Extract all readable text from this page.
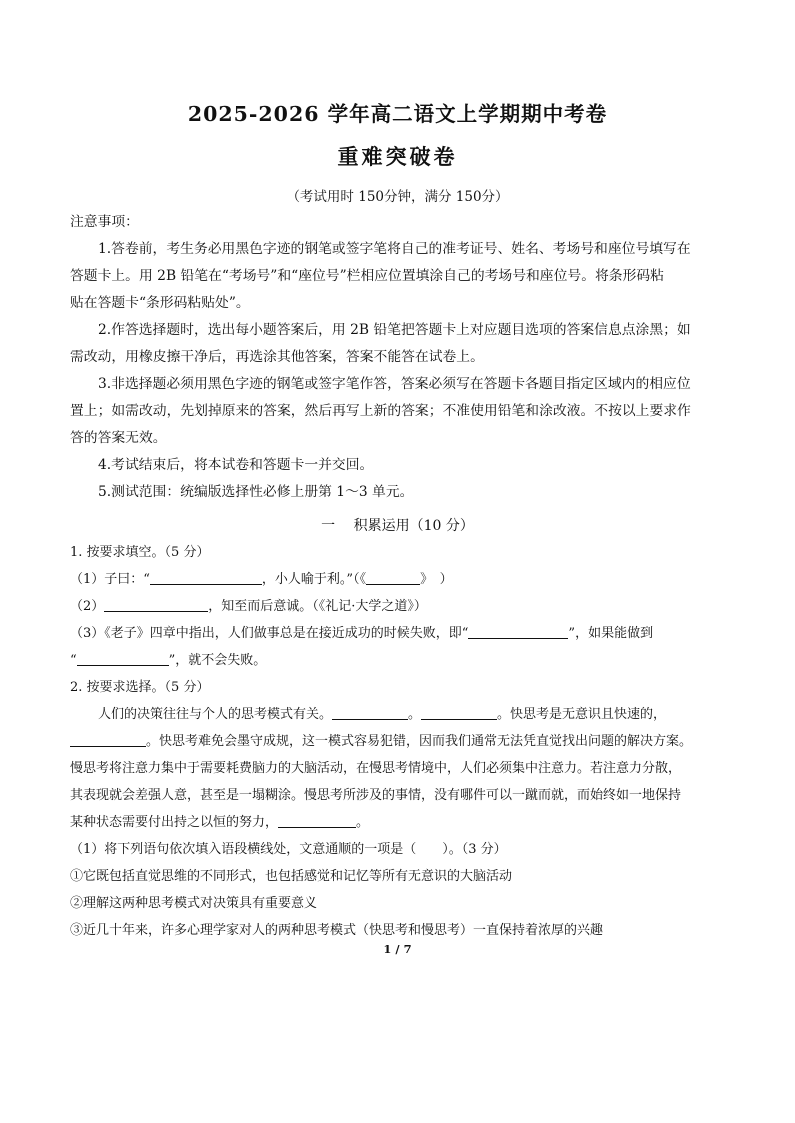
2025-2026 学年高二语文上学期期中考卷
重难突破卷
（考试用时 150分钟，满分 150分）
注意事项：
1.答卷前，考生务必用黑色字迹的钢笔或签字笔将自己的准考证号、姓名、考场号和座位号填写在
答题卡上。用 2B 铅笔在“考场号”和“座位号”栏相应位置填涂自己的考场号和座位号。将条形码粘
贴在答题卡“条形码粘贴处”。
2.作答选择题时，选出每小题答案后，用 2B 铅笔把答题卡上对应题目选项的答案信息点涂黑；如
需改动，用橡皮擦干净后，再选涂其他答案，答案不能答在试卷上。
3.非选择题必须用黑色字迹的钢笔或签字笔作答，答案必须写在答题卡各题目指定区域内的相应位
置上；如需改动，先划掉原来的答案，然后再写上新的答案；不准使用铅笔和涂改液。不按以上要求作
答的答案无效。
4.考试结束后，将本试卷和答题卡一并交回。
5.测试范围：统编版选择性必修上册第 1～3 单元。
一　 积累运用（10 分）
1. 按要求填空。（5 分）
（1）子曰：“	，小人喻于利。”（《	》　）
（2）	，知至而后意诚。（《礼记·大学之道》）
（3）《老子》四章中指出，人们做事总是在接近成功的时候失败，即“	”，如果能做到
“	”，就不会失败。
2. 按要求选择。（5 分）
人们的决策往往与个人的思考模式有关。	。	。快思考是无意识且快速的，
。快思考难免会墨守成规，这一模式容易犯错，因而我们通常无法凭直觉找出问题的解决方案。
慢思考将注意力集中于需要耗费脑力的大脑活动，在慢思考情境中，人们必须集中注意力。若注意力分散，
其表现就会差强人意，甚至是一塌糊涂。慢思考所涉及的事情，没有哪件可以一蹴而就，而始终如一地保持
某种状态需要付出持之以恒的努力，	。
（1）将下列语句依次填入语段横线处，文意通顺的一项是（　　）。（3 分）
①它既包括直觉思维的不同形式，也包括感觉和记忆等所有无意识的大脑活动
②理解这两种思考模式对决策具有重要意义
③近几十年来，许多心理学家对人的两种思考模式（快思考和慢思考）一直保持着浓厚的兴趣
1 / 7
